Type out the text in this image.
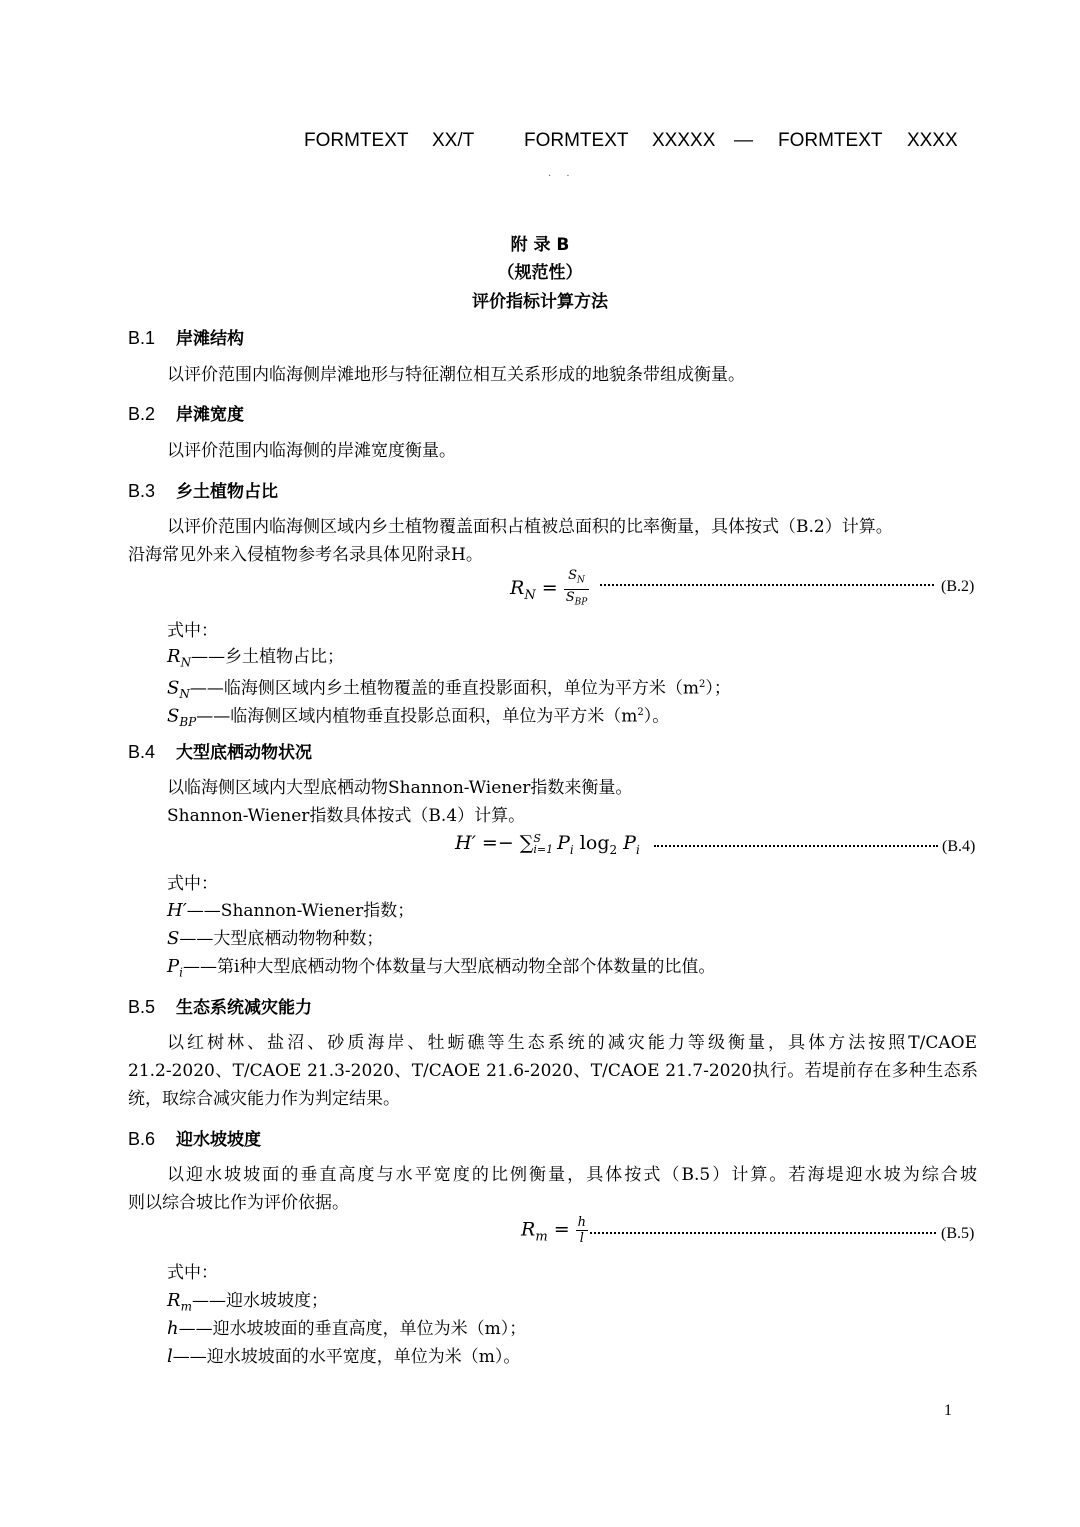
FORMTEXT XX/T	FORMTEXT XXXXX — FORMTEXT XXXX
. .
附 录 B
（规范性）
评价指标计算方法
B.1 岸滩结构
以评价范围内临海侧岸滩地形与特征潮位相互关系形成的地貌条带组成衡量。
B.2 岸滩宽度
以评价范围内临海侧的岸滩宽度衡量。
B.3 乡土植物占比
以评价范围内临海侧区域内乡土植物覆盖面积占植被总面积的比率衡量，具体按式（B.2）计算。
沿海常见外来入侵植物参考名录具体见附录H。
$R_N = \frac{S_N}{S_{BP}}$	(B.2)
式中：
$R_N——$乡土植物占比；
$S_N——$临海侧区域内乡土植物覆盖的垂直投影面积，单位为平方米$(m^2)$；
$S_{BP}——$临海侧区域内植物垂直投影总面积，单位为平方米$(m^2)$。
B.4 大型底栖动物状况
以临海侧区域内大型底栖动物Shannon-Wiener指数来衡量。
Shannon-Wiener指数具体按式（B.4）计算。
H′ =− ∑ S
i=1 $P_i$ $\log_2 P_i$	(B.4)
式中：
H′——Shannon-Wiener指数；
S——大型底栖动物物种数；
$P_i——$第i种大型底栖动物个体数量与大型底栖动物全部个体数量的比值。
B.5 生态系统减灾能力
以红树林、盐沼、砂质海岸、牡蛎礁等生态系统的减灾能力等级衡量，具体方法按照T/CAOE
21.2-2020、T/CAOE 21.3-2020、T/CAOE 21.6-2020、T/CAOE 21.7-2020执行。若堤前存在多种生态系
统，取综合减灾能力作为判定结果。
B.6 迎水坡坡度
以迎水坡坡面的垂直高度与水平宽度的比例衡量，具体按式（B.5）计算。若海堤迎水坡为综合坡
则以综合坡比作为评价依据。
$R_m = \frac{h}{l}$	(B.5)
式中：
$R_m——$迎水坡坡度；
h——迎水坡坡面的垂直高度，单位为米（m）；
l——迎水坡坡面的水平宽度，单位为米（m）。
1
